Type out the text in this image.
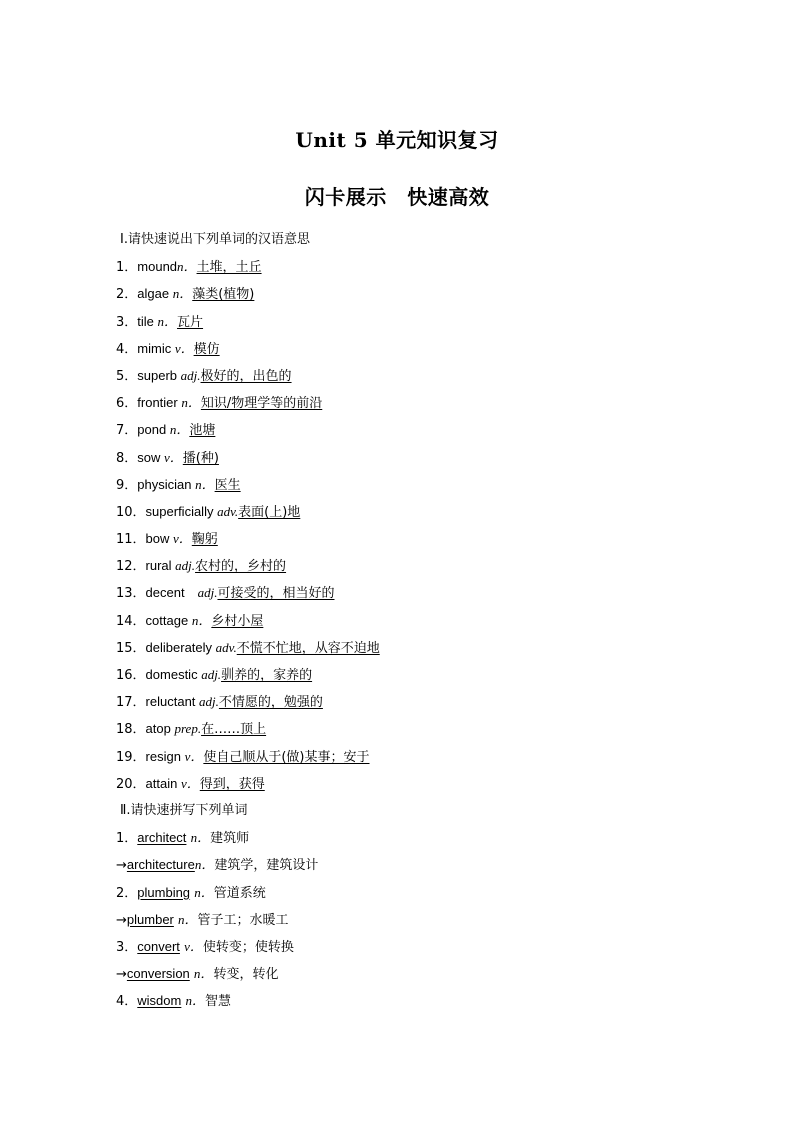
Unit 5 单元知识复习
闪卡展示　快速高效
Ⅰ.请快速说出下列单词的汉语意思
1．moundn．土堆，土丘
2．algae n．藻类(植物)
3．tile n．瓦片
4．mimic v．模仿
5．superb adj.极好的，出色的
6．frontier n．知识/物理学等的前沿
7．pond n．池塘
8．sow v．播(种)
9．physician n．医生
10．superficially adv.表面(上)地
11．bow v．鞠躬
12．rural adj.农村的，乡村的
13．decent　adj.可接受的，相当好的
14．cottage n．乡村小屋
15．deliberately adv.不慌不忙地，从容不迫地
16．domestic adj.驯养的，家养的
17．reluctant adj.不情愿的，勉强的
18．atop prep.在……顶上
19．resign v．使自己顺从于(做)某事；安于
20．attain v．得到，获得
Ⅱ.请快速拼写下列单词
1．architect n．建筑师
→architecturen．建筑学，建筑设计
2．plumbing n．管道系统
→plumber n．管子工；水暖工
3．convert v．使转变；使转换
→conversion n．转变，转化
4．wisdom n．智慧
